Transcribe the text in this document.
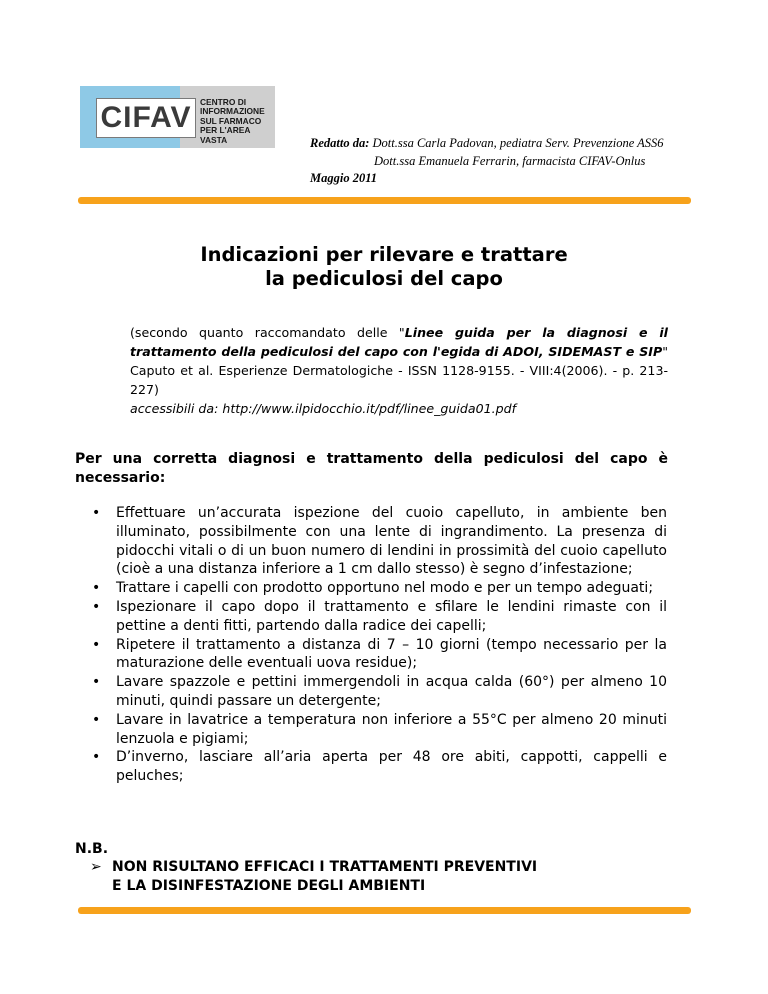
CIFAV	CENTRO DI
INFORMAZIONE
SUL FARMACO
PER L'AREA VASTA	Redatto da: Dott.ssa Carla Padovan, pediatra Serv. Prevenzione ASS6
Dott.ssa Emanuela Ferrarin, farmacista CIFAV-Onlus
Maggio 2011
Indicazioni per rilevare e trattare
la pediculosi del capo
(secondo quanto raccomandato delle "Linee guida per la diagnosi e il trattamento della pediculosi del capo con l'egida di ADOI, SIDEMAST e SIP" Caputo et al. Esperienze Dermatologiche - ISSN 1128-9155. - VIII:4(2006). - p. 213-227)
accessibili da: http://www.ilpidocchio.it/pdf/linee_guida01.pdf
Per una corretta diagnosi e trattamento della pediculosi del capo è necessario:
• Effettuare un’accurata ispezione del cuoio capelluto, in ambiente ben illuminato, possibilmente con una lente di ingrandimento. La presenza di pidocchi vitali o di un buon numero di lendini in prossimità del cuoio capelluto (cioè a una distanza inferiore a 1 cm dallo stesso) è segno d’infestazione;
• Trattare i capelli con prodotto opportuno nel modo e per un tempo adeguati;
• Ispezionare il capo dopo il trattamento e sfilare le lendini rimaste con il pettine a denti fitti, partendo dalla radice dei capelli;
• Ripetere il trattamento a distanza di 7 – 10 giorni (tempo necessario per la maturazione delle eventuali uova residue);
• Lavare spazzole e pettini immergendoli in acqua calda (60°) per almeno 10 minuti, quindi passare un detergente;
• Lavare in lavatrice a temperatura non inferiore a 55°C per almeno 20 minuti lenzuola e pigiami;
• D’inverno, lasciare all’aria aperta per 48 ore abiti, cappotti, cappelli e peluches;
N.B.
➢ NON RISULTANO EFFICACI I TRATTAMENTI PREVENTIVI
E LA DISINFESTAZIONE DEGLI AMBIENTI
